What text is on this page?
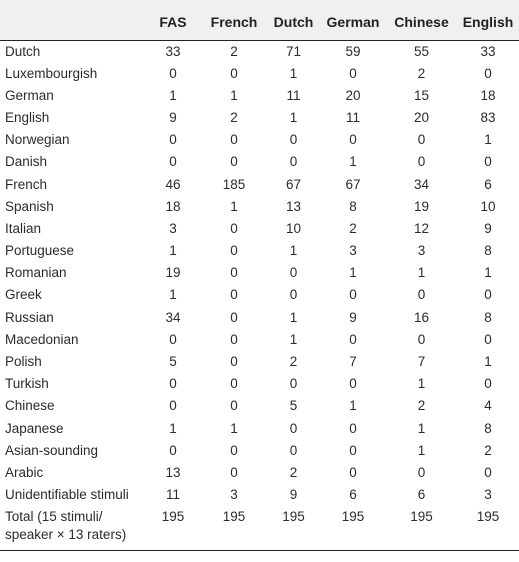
	FAS	French	Dutch	German	Chinese	English
Dutch	33	2	71	59	55	33
Luxembourgish	0	0	1	0	2	0
German	1	1	11	20	15	18
English	9	2	1	11	20	83
Norwegian	0	0	0	0	0	1
Danish	0	0	0	1	0	0
French	46	185	67	67	34	6
Spanish	18	1	13	8	19	10
Italian	3	0	10	2	12	9
Portuguese	1	0	1	3	3	8
Romanian	19	0	0	1	1	1
Greek	1	0	0	0	0	0
Russian	34	0	1	9	16	8
Macedonian	0	0	1	0	0	0
Polish	5	0	2	7	7	1
Turkish	0	0	0	0	1	0
Chinese	0	0	5	1	2	4
Japanese	1	1	0	0	1	8
Asian-sounding	0	0	0	0	1	2
Arabic	13	0	2	0	0	0
Unidentifiable stimuli	11	3	9	6	6	3
Total (15 stimuli/ speaker × 13 raters)	195	195	195	195	195	195
